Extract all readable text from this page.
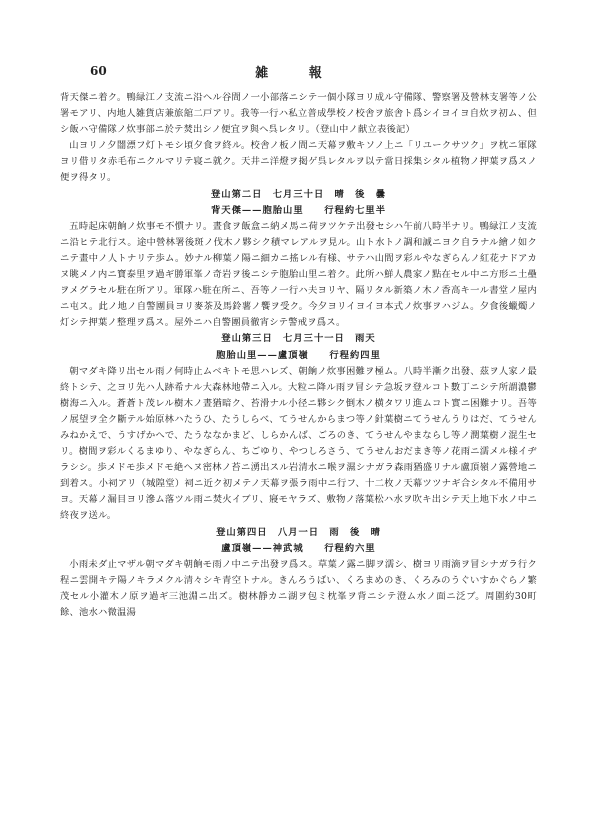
60	雑 報

背天傑ニ着ク。鴨緑江ノ支流ニ沿ヘル谷間ノ一小部落ニシテ一個小隊ヨリ成ル守備隊、警察署及營林支署等ノ公署モアリ、内地人雑貨店兼旅舘二戸アリ。我等一行ハ私立普成學校ノ校舎ヲ旅舎ト爲シイヨイヨ自炊ヲ初ム、但シ飯ハ守備隊ノ炊事部ニ於テ焚出シノ便宜ヲ與ヘ呉レタリ。（登山中ノ献立表後記）

山ヨリノ夕闇漂フ灯トモシ頃夕食ヲ終ル。校舎ノ板ノ間ニ天幕ヲ敷キソノ上ニ「リユークサツク」ヲ枕ニ軍隊ヨリ借リタ赤毛布ニクルマリテ寝ニ就ク。天井ニ洋燈ヲ掲ゲ呉レタルヲ以テ當日採集シタル植物ノ押葉ヲ爲スノ便ヲ得タリ。

登山第二日　七月三十日　晴　後　曇

背天傑——胞胎山里　　行程約七里半

五時起床朝餉ノ炊事モ不慣ナリ。晝食ヲ飯盒ニ納メ馬ニ荷ヲツケテ出發セシハ午前八時半ナリ。鴨緑江ノ支流ニ沿ヒテ北行ス。途中營林署後斑ノ伐木ノ夥シク積マレアルヲ見ル。山ト水トノ調和誠ニヨク自ラナル繪ノ如クニテ畫中ノ人トナリテ歩ム。妙ナル柳葉ノ陽ニ細カニ搖レル有様、サテハ山間ヲ彩ルやなぎらんノ紅花ナドアカヌ眺メノ内ニ寶泰里ヲ過ギ勝軍峯ノ奇岩ヲ後ニシテ胞胎山里ニ着ク。此所ハ鮮人農家ノ點在セル中ニ方形ニ土壘ヲメグラセル駐在所アリ。軍隊ハ駐在所ニ、吾等ノ一行ハ夫ヨリヤ、隔リタル新築ノ木ノ香高キ一ル書堂ノ屋内ニ屯ス。此ノ地ノ自警團員ヨリ麥茶及馬鈴薯ノ饗ヲ受ク。今夕ヨリイヨイヨ本式ノ炊事ヲハジム。夕食後蠟燭ノ灯シテ押葉ノ整理ヲ爲ス。屋外ニハ自警團員徹宵シテ警戒ヲ爲ス。

登山第三日　七月三十一日　雨天

胞胎山里——盧頂嶺　　行程約四里

朝マダキ降リ出セル雨ノ何時止ムベキトモ思ハレズ、朝餉ノ炊事困難ヲ極ム。八時半漸ク出發、茲ヲ人家ノ最終トシテ、之ヨリ先ハ人跡希ナル大森林地帶ニ入ル。大粒ニ降ル雨ヲ冒シテ急坂ヲ登ルコト數丁ニシテ所謂濃鬱樹海ニ入ル。蒼蒼ト茂レル樹木ノ晝猶暗ク、苔滑ナル小径ニ夥シク倒木ノ横タワリ進ムコト實ニ困難ナリ。吾等ノ展望ヲ全ク斷テル始原林ハたうひ、たうしらべ、てうせんからまつ等ノ針葉樹ニてうせんうりはだ、てうせんみねかえで、うすげかへで、たうななかまど、しらかんば、ごろのき、てうせんやまならし等ノ潤葉樹ノ混生セリ。樹間ヲ彩ルくるまゆり、やなぎらん、ちごゆり、やつしろさう、てうせんおだまき等ノ花雨ニ濡メル様イヂラシシ。歩メドモ歩メドモ絶ヘヌ密林ノ苔ニ湧出スル岩清水ニ喉ヲ濕シナガラ森雨猶盛リナル盧頂嶺ノ露營地ニ到着ス。小祠アリ（城隍堂）祠ニ近ク初メテノ天幕ヲ張ラ雨中ニ行フ、十二枚ノ天幕ツツナギ合シタル不備用サヨ。天幕ノ漏目ヨリ滲ム落ツル雨ニ焚火イブリ、寢モヤラズ、敷物ノ落葉松ハ水ヲ吹キ出シテ天上地下水ノ中ニ終夜ヲ送ル。

登山第四日　八月一日　雨　後　晴

盧頂嶺——神武城　　行程約六里

小雨未ダ止マザル朝マダキ朝餉モ雨ノ中ニテ出發ヲ爲ス。草葉ノ露ニ脚ヲ濡シ、樹ヨリ雨滴ヲ冒シナガラ行ク程ニ雲開キテ陽ノキラメクル清々シキ青空トナル。きんろうばい、くろまめのき、くろみのうぐいすかぐらノ繁茂セル小灌木ノ原ヲ過ギ三池淵ニ出ズ。樹林靜カニ湖ヲ包ミ枕峯ヲ背ニシテ澄ム水ノ面ニ泛ブ。周圍約30町餘、池水ハ微温湯
